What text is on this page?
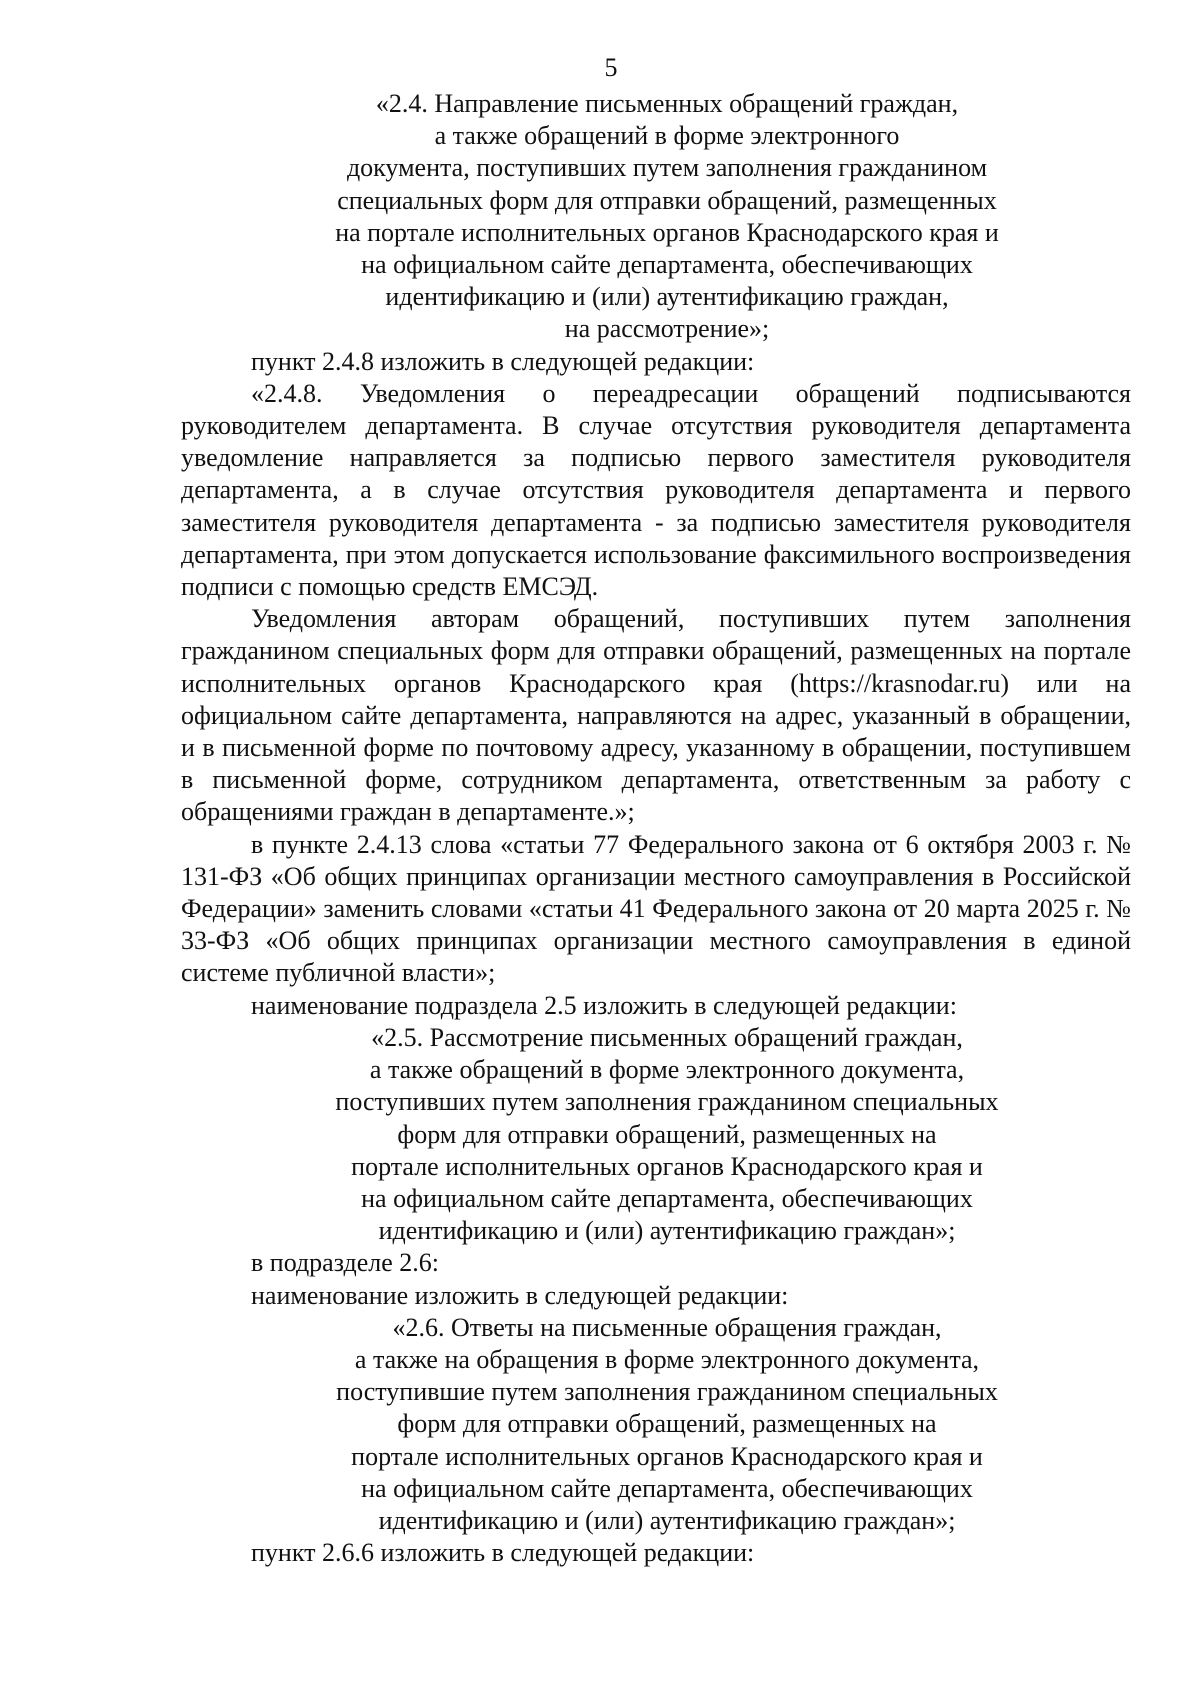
5
«2.4. Направление письменных обращений граждан,
а также обращений в форме электронного
документа, поступивших путем заполнения гражданином
специальных форм для отправки обращений, размещенных
на портале исполнительных органов Краснодарского края и
на официальном сайте департамента, обеспечивающих
идентификацию и (или) аутентификацию граждан,
на рассмотрение»;

пункт 2.4.8 изложить в следующей редакции:

«2.4.8. Уведомления о переадресации обращений подписываются руководителем департамента. В случае отсутствия руководителя департамента уведомление направляется за подписью первого заместителя руководителя департамента, а в случае отсутствия руководителя департамента и первого заместителя руководителя департамента - за подписью заместителя руководителя департамента, при этом допускается использование факсимильного воспроизведения подписи с помощью средств ЕМСЭД.

Уведомления авторам обращений, поступивших путем заполнения гражданином специальных форм для отправки обращений, размещенных на портале исполнительных органов Краснодарского края (https://krasnodar.ru) или на официальном сайте департамента, направляются на адрес, указанный в обращении, и в письменной форме по почтовому адресу, указанному в обращении, поступившем в письменной форме, сотрудником департамента, ответственным за работу с обращениями граждан в департаменте.»;

в пункте 2.4.13 слова «статьи 77 Федерального закона от 6 октября 2003 г. № 131-ФЗ «Об общих принципах организации местного самоуправления в Российской Федерации» заменить словами «статьи 41 Федерального закона от 20 марта 2025 г. № 33-ФЗ «Об общих принципах организации местного самоуправления в единой системе публичной власти»;

наименование подраздела 2.5 изложить в следующей редакции:

«2.5. Рассмотрение письменных обращений граждан,
а также обращений в форме электронного документа,
поступивших путем заполнения гражданином специальных
форм для отправки обращений, размещенных на
портале исполнительных органов Краснодарского края и
на официальном сайте департамента, обеспечивающих
идентификацию и (или) аутентификацию граждан»;

в подразделе 2.6:

наименование изложить в следующей редакции:

«2.6. Ответы на письменные обращения граждан,
а также на обращения в форме электронного документа,
поступившие путем заполнения гражданином специальных
форм для отправки обращений, размещенных на
портале исполнительных органов Краснодарского края и
на официальном сайте департамента, обеспечивающих
идентификацию и (или) аутентификацию граждан»;

пункт 2.6.6 изложить в следующей редакции:
